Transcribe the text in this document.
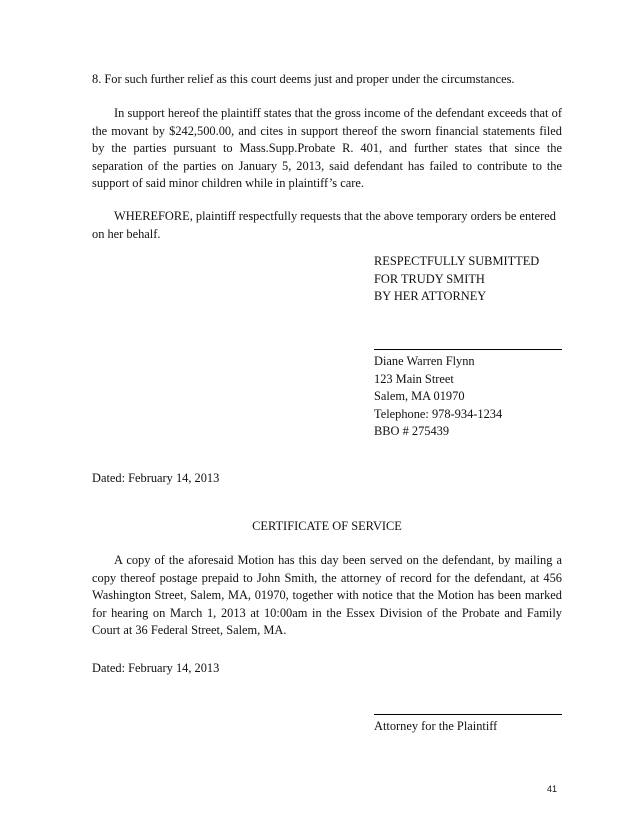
8. For such further relief as this court deems just and proper under the circumstances.

In support hereof the plaintiff states that the gross income of the defendant exceeds that of the movant by $242,500.00, and cites in support thereof the sworn financial statements filed by the parties pursuant to Mass.Supp.Probate R. 401, and further states that since the separation of the parties on January 5, 2013, said defendant has failed to contribute to the support of said minor children while in plaintiff’s care.

WHEREFORE, plaintiff respectfully requests that the above temporary orders be entered on her behalf.

RESPECTFULLY SUBMITTED
FOR TRUDY SMITH
BY HER ATTORNEY
Diane Warren Flynn
123 Main Street
Salem, MA 01970
Telephone: 978-934-1234
BBO # 275439
Dated: February 14, 2013
CERTIFICATE OF SERVICE

A copy of the aforesaid Motion has this day been served on the defendant, by mailing a copy thereof postage prepaid to John Smith, the attorney of record for the defendant, at 456 Washington Street, Salem, MA, 01970, together with notice that the Motion has been marked for hearing on March 1, 2013 at 10:00am in the Essex Division of the Probate and Family Court at 36 Federal Street, Salem, MA.

Dated: February 14, 2013
Attorney for the Plaintiff
41
